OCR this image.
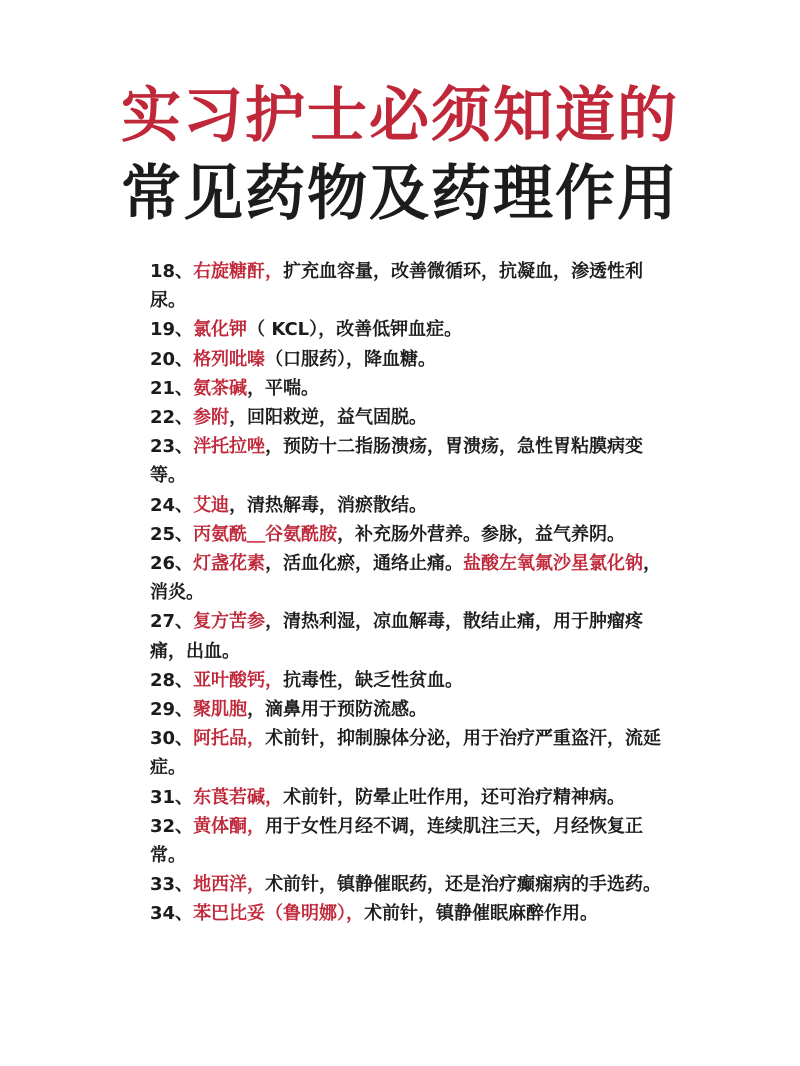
实习护士必须知道的
常见药物及药理作用
18、右旋糖酐，扩充血容量，改善微循环，抗凝血，渗透性利尿。
19、氯化钾（ KCL），改善低钾血症。
20、格列吡嗪（口服药），降血糖。
21、氨茶碱，平喘。
22、参附，回阳救逆，益气固脱。
23、泮托拉唑，预防十二指肠溃疡，胃溃疡，急性胃粘膜病变等。
24、艾迪，清热解毒，消瘀散结。
25、丙氨酰＿谷氨酰胺，补充肠外营养。参脉，益气养阴。
26、灯盏花素，活血化瘀，通络止痛。盐酸左氧氟沙星氯化钠，消炎。
27、复方苦参，清热利湿，凉血解毒，散结止痛，用于肿瘤疼痛，出血。
28、亚叶酸钙，抗毒性，缺乏性贫血。
29、聚肌胞，滴鼻用于预防流感。
30、阿托品，术前针，抑制腺体分泌，用于治疗严重盗汗，流延症。
31、东莨若碱，术前针，防晕止吐作用，还可治疗精神病。
32、黄体酮，用于女性月经不调，连续肌注三天，月经恢复正常。
33、地西洋，术前针，镇静催眠药，还是治疗癫痫病的手选药。
34、苯巴比妥（鲁明娜），术前针，镇静催眠麻醉作用。
